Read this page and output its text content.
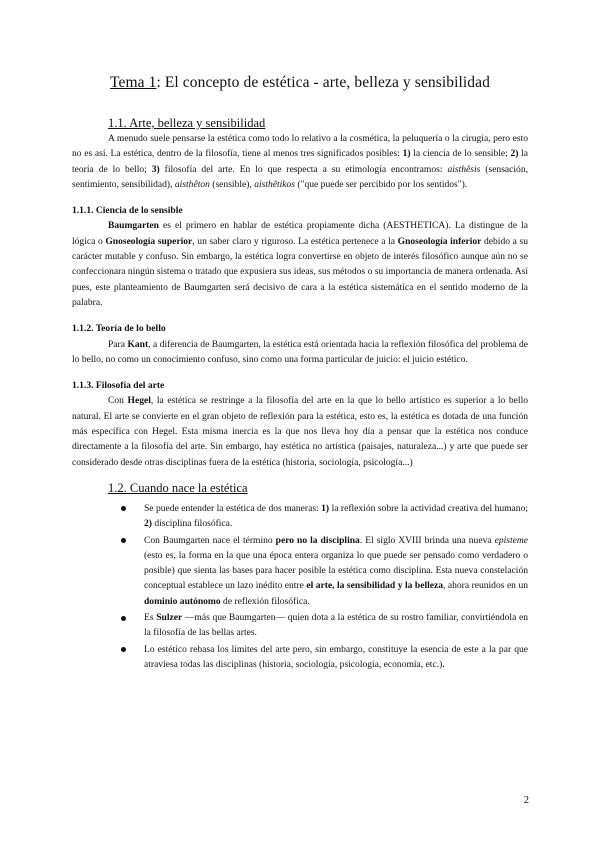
Tema 1: El concepto de estética - arte, belleza y sensibilidad
1.1. Arte, belleza y sensibilidad

A menudo suele pensarse la estética como todo lo relativo a la cosmética, la peluquería o la cirugía, pero esto no es así. La estética, dentro de la filosofía, tiene al menos tres significados posibles: 1) la ciencia de lo sensible; 2) la teoría de lo bello; 3) filosofía del arte. En lo que respecta a su etimología encontramos: aisthêsis (sensación, sentimiento, sensibilidad), aisthêton (sensible), aisthêtikos ("que puede ser percibido por los sentidos").

1.1.1. Ciencia de lo sensible

Baumgarten es el primero en hablar de estética propiamente dicha (AESTHETICA). La distingue de la lógica o Gnoseología superior, un saber claro y riguroso. La estética pertenece a la Gnoseología inferior debido a su carácter mutable y confuso. Sin embargo, la estética logra convertirse en objeto de interés filosófico aunque aún no se confeccionara ningún sistema o tratado que expusiera sus ideas, sus métodos o su importancia de manera ordenada. Así pues, este planteamiento de Baumgarten será decisivo de cara a la estética sistemática en el sentido moderno de la palabra.

1.1.2. Teoría de lo bello

Para Kant, a diferencia de Baumgarten, la estética está orientada hacia la reflexión filosófica del problema de lo bello, no como un conocimiento confuso, sino como una forma particular de juicio: el juicio estético.

1.1.3. Filosofía del arte

Con Hegel, la estética se restringe a la filosofía del arte en la que lo bello artístico es superior a lo bello natural. El arte se convierte en el gran objeto de reflexión para la estética, esto es, la estética es dotada de una función más específica con Hegel. Esta misma inercia es la que nos lleva hoy día a pensar que la estética nos conduce directamente a la filosofía del arte. Sin embargo, hay estética no artística (paisajes, naturaleza...) y arte que puede ser considerado desde otras disciplinas fuera de la estética (historia, sociología, psicología...)

1.2. Cuando nace la estética
Se puede entender la estética de dos maneras: 1) la reflexión sobre la actividad creativa del humano; 2) disciplina filosófica.
Con Baumgarten nace el término pero no la disciplina. El siglo XVIII brinda una nueva episteme (esto es, la forma en la que una época entera organiza lo que puede ser pensado como verdadero o posible) que sienta las bases para hacer posible la estética como disciplina. Esta nueva constelación conceptual establece un lazo inédito entre el arte, la sensibilidad y la belleza, ahora reunidos en un dominio autónomo de reflexión filosófica.
Es Sulzer —más que Baumgarten— quien dota a la estética de su rostro familiar, convirtiéndola en la filosofía de las bellas artes.
Lo estético rebasa los límites del arte pero, sin embargo, constituye la esencia de este a la par que atraviesa todas las disciplinas (historia, sociología, psicología, economía, etc.).
2
